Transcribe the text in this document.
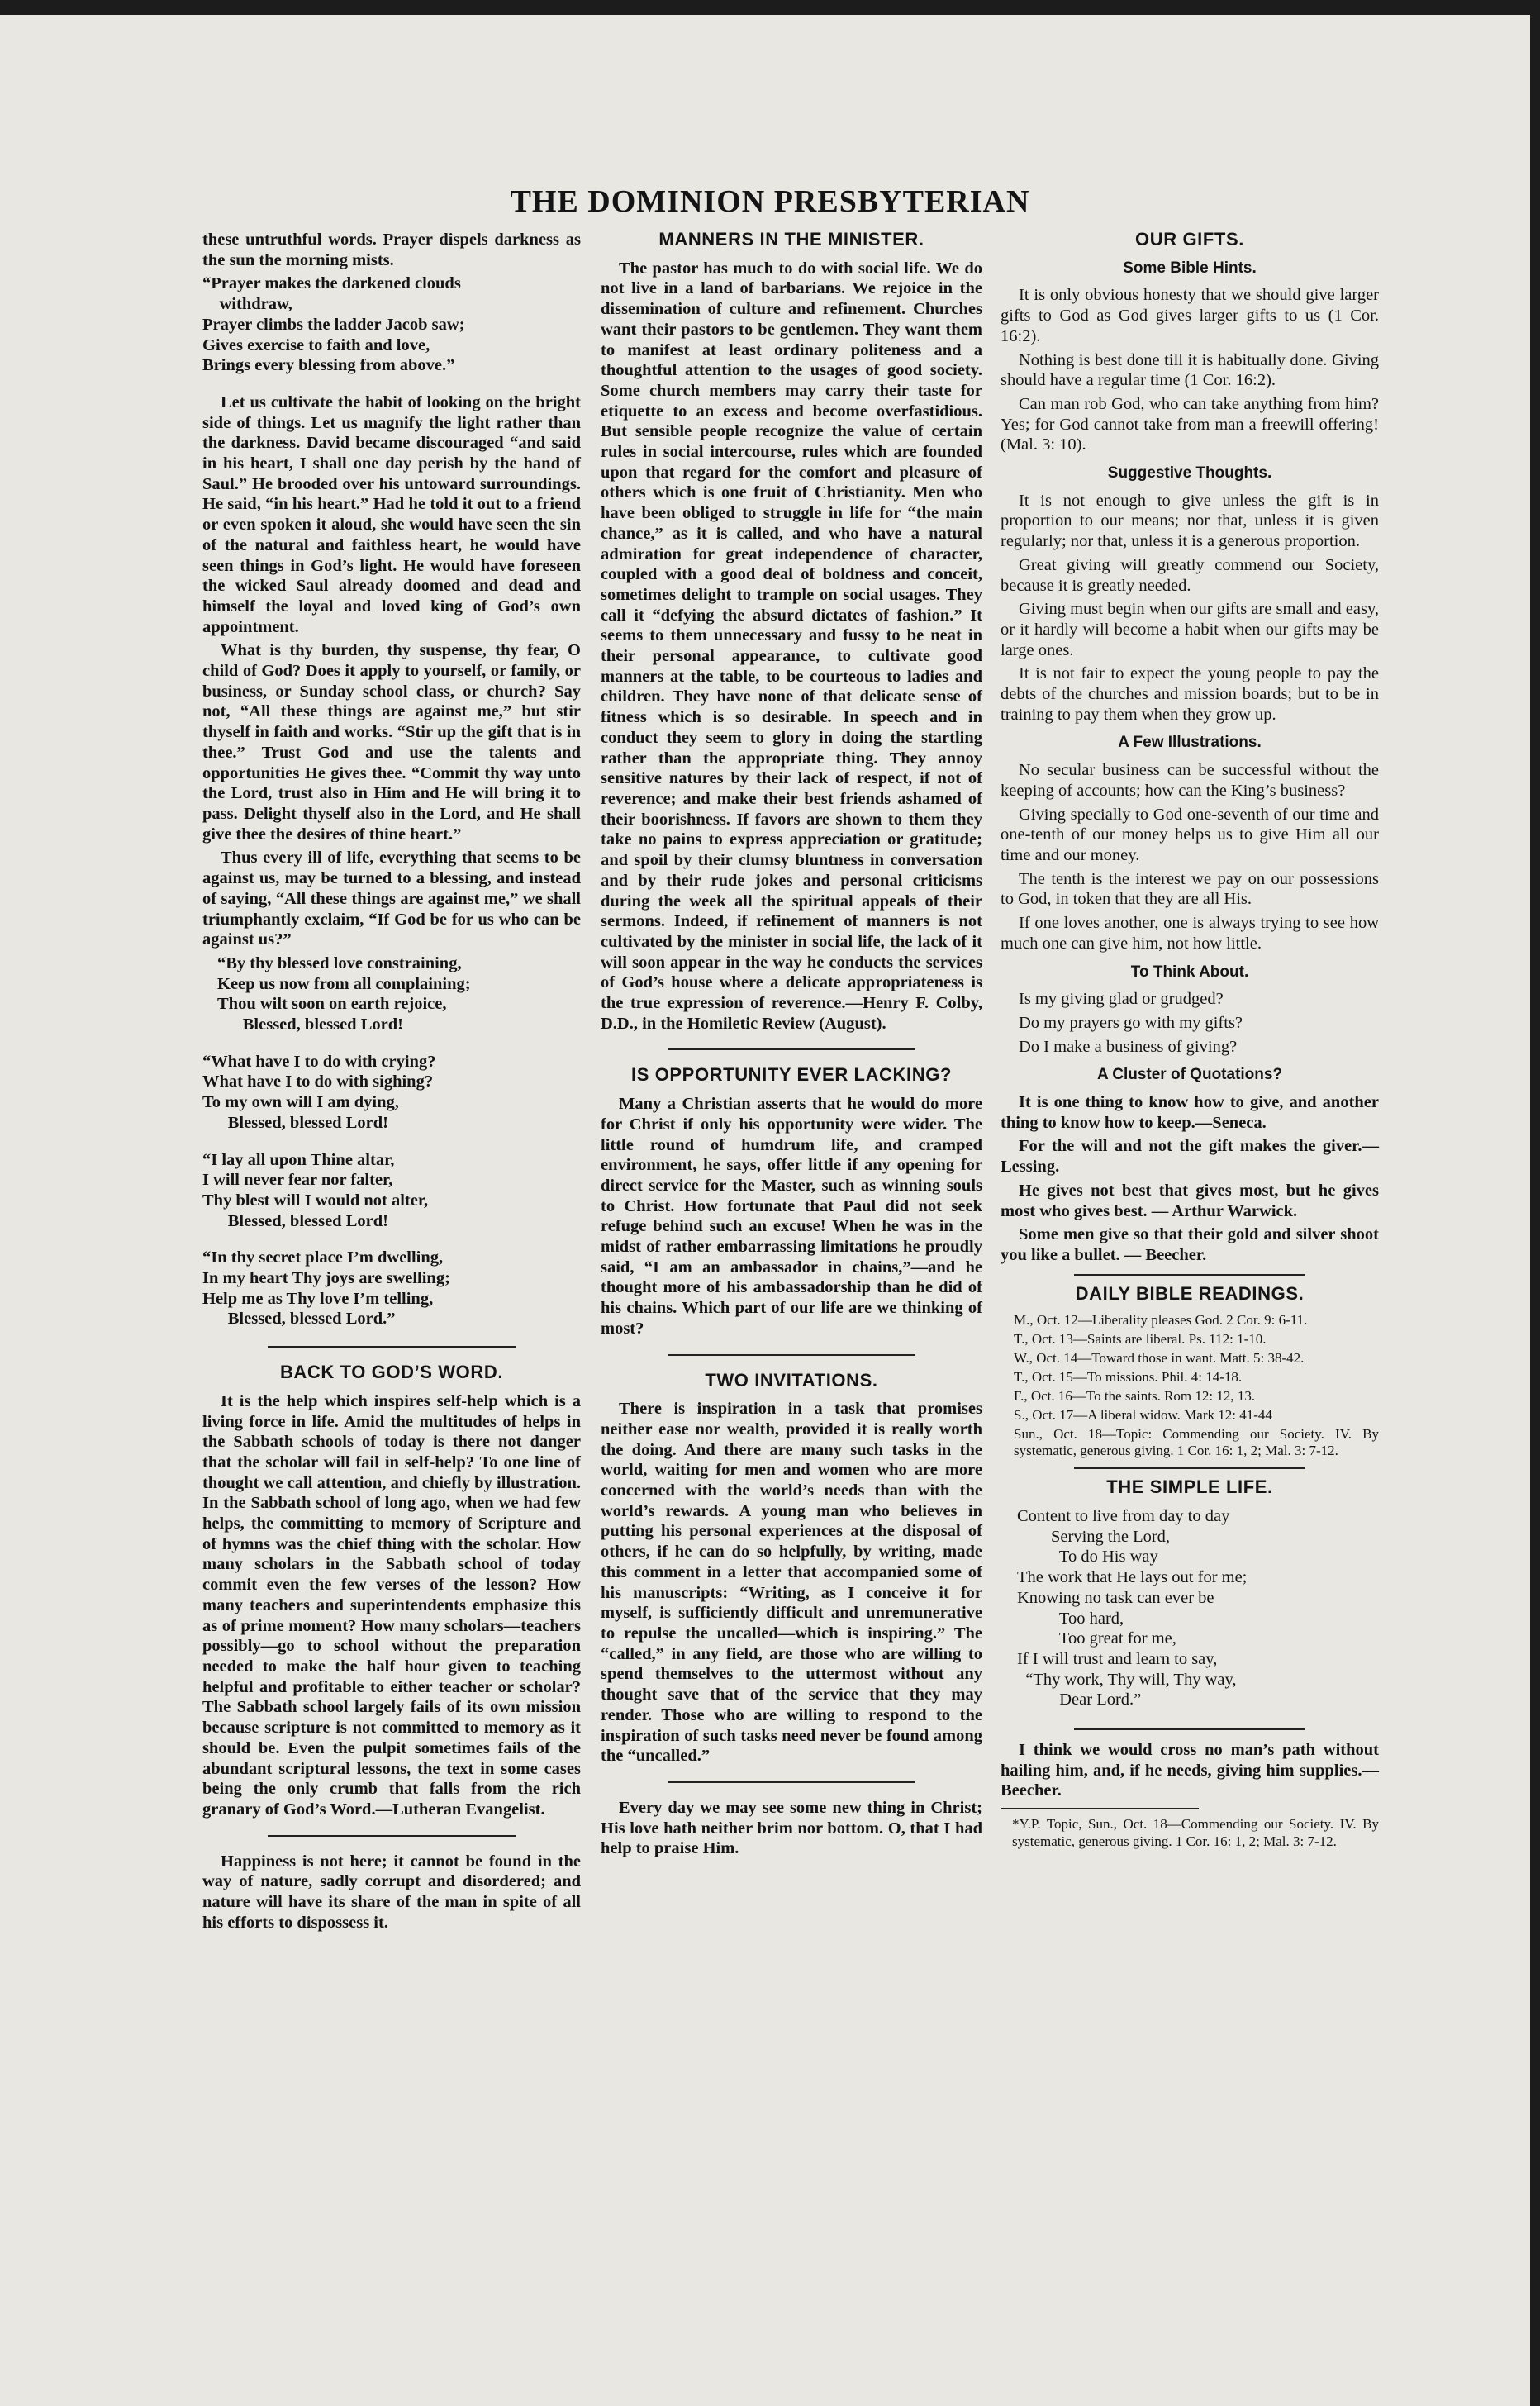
THE DOMINION PRESBYTERIAN

these untruthful words. Prayer dispels darkness as the sun the morning mists.

“Prayer makes the darkened clouds
withdraw,
Prayer climbs the ladder Jacob saw;
Gives exercise to faith and love,
Brings every blessing from above.”

Let us cultivate the habit of looking on the bright side of things. Let us magnify the light rather than the darkness. David became discouraged “and said in his heart, I shall one day perish by the hand of Saul.” He brooded over his untoward surroundings. He said, “in his heart.” Had he told it out to a friend or even spoken it aloud, she would have seen the sin of the natural and faithless heart, he would have seen things in God’s light. He would have foreseen the wicked Saul already doomed and dead and himself the loyal and loved king of God’s own appointment.

What is thy burden, thy suspense, thy fear, O child of God? Does it apply to yourself, or family, or business, or Sunday school class, or church? Say not, “All these things are against me,” but stir thyself in faith and works. “Stir up the gift that is in thee.” Trust God and use the talents and opportunities He gives thee. “Commit thy way unto the Lord, trust also in Him and He will bring it to pass. Delight thyself also in the Lord, and He shall give thee the desires of thine heart.”

Thus every ill of life, everything that seems to be against us, may be turned to a blessing, and instead of saying, “All these things are against me,” we shall triumphantly exclaim, “If God be for us who can be against us?”

“By thy blessed love constraining,
Keep us now from all complaining;
Thou wilt soon on earth rejoice,
Blessed, blessed Lord!
“What have I to do with crying?
What have I to do with sighing?
To my own will I am dying,
Blessed, blessed Lord!
“I lay all upon Thine altar,
I will never fear nor falter,
Thy blest will I would not alter,
Blessed, blessed Lord!
“In thy secret place I’m dwelling,
In my heart Thy joys are swelling;
Help me as Thy love I’m telling,
Blessed, blessed Lord.”
BACK TO GOD’S WORD.

It is the help which inspires self-help which is a living force in life. Amid the multitudes of helps in the Sabbath schools of today is there not danger that the scholar will fail in self-help? To one line of thought we call attention, and chiefly by illustration. In the Sabbath school of long ago, when we had few helps, the committing to memory of Scripture and of hymns was the chief thing with the scholar. How many scholars in the Sabbath school of today commit even the few verses of the lesson? How many teachers and superintendents emphasize this as of prime moment? How many scholars—teachers possibly—go to school without the preparation needed to make the half hour given to teaching helpful and profitable to either teacher or scholar? The Sabbath school largely fails of its own mission because scripture is not committed to memory as it should be. Even the pulpit sometimes fails of the abundant scriptural lessons, the text in some cases being the only crumb that falls from the rich granary of God’s Word.—Lutheran Evangelist.

Happiness is not here; it cannot be found in the way of nature, sadly corrupt and disordered; and nature will have its share of the man in spite of all his efforts to dispossess it.

MANNERS IN THE MINISTER.

The pastor has much to do with social life. We do not live in a land of barbarians. We rejoice in the dissemination of culture and refinement. Churches want their pastors to be gentlemen. They want them to manifest at least ordinary politeness and a thoughtful attention to the usages of good society. Some church members may carry their taste for etiquette to an excess and become overfastidious. But sensible people recognize the value of certain rules in social intercourse, rules which are founded upon that regard for the comfort and pleasure of others which is one fruit of Christianity. Men who have been obliged to struggle in life for “the main chance,” as it is called, and who have a natural admiration for great independence of character, coupled with a good deal of boldness and conceit, sometimes delight to trample on social usages. They call it “defying the absurd dictates of fashion.” It seems to them unnecessary and fussy to be neat in their personal appearance, to cultivate good manners at the table, to be courteous to ladies and children. They have none of that delicate sense of fitness which is so desirable. In speech and in conduct they seem to glory in doing the startling rather than the appropriate thing. They annoy sensitive natures by their lack of respect, if not of reverence; and make their best friends ashamed of their boorishness. If favors are shown to them they take no pains to express appreciation or gratitude; and spoil by their clumsy bluntness in conversation and by their rude jokes and personal criticisms during the week all the spiritual appeals of their sermons. Indeed, if refinement of manners is not cultivated by the minister in social life, the lack of it will soon appear in the way he conducts the services of God’s house where a delicate appropriateness is the true expression of reverence.—Henry F. Colby, D.D., in the Homiletic Review (August).

IS OPPORTUNITY EVER LACKING?

Many a Christian asserts that he would do more for Christ if only his opportunity were wider. The little round of humdrum life, and cramped environment, he says, offer little if any opening for direct service for the Master, such as winning souls to Christ. How fortunate that Paul did not seek refuge behind such an excuse! When he was in the midst of rather embarrassing limitations he proudly said, “I am an ambassador in chains,”—and he thought more of his ambassadorship than he did of his chains. Which part of our life are we thinking of most?

TWO INVITATIONS.

There is inspiration in a task that promises neither ease nor wealth, provided it is really worth the doing. And there are many such tasks in the world, waiting for men and women who are more concerned with the world’s needs than with the world’s rewards. A young man who believes in putting his personal experiences at the disposal of others, if he can do so helpfully, by writing, made this comment in a letter that accompanied some of his manuscripts: “Writing, as I conceive it for myself, is sufficiently difficult and unremunerative to repulse the uncalled—which is inspiring.” The “called,” in any field, are those who are willing to spend themselves to the uttermost without any thought save that of the service that they may render. Those who are willing to respond to the inspiration of such tasks need never be found among the “uncalled.”

Every day we may see some new thing in Christ; His love hath neither brim nor bottom. O, that I had help to praise Him.

OUR GIFTS.
Some Bible Hints.

It is only obvious honesty that we should give larger gifts to God as God gives larger gifts to us (1 Cor. 16:2).

Nothing is best done till it is habitually done. Giving should have a regular time (1 Cor. 16:2).

Can man rob God, who can take anything from him? Yes; for God cannot take from man a freewill offering! (Mal. 3: 10).

Suggestive Thoughts.

It is not enough to give unless the gift is in proportion to our means; nor that, unless it is given regularly; nor that, unless it is a generous proportion.

Great giving will greatly commend our Society, because it is greatly needed.

Giving must begin when our gifts are small and easy, or it hardly will become a habit when our gifts may be large ones.

It is not fair to expect the young people to pay the debts of the churches and mission boards; but to be in training to pay them when they grow up.

A Few Illustrations.

No secular business can be successful without the keeping of accounts; how can the King’s business?

Giving specially to God one-seventh of our time and one-tenth of our money helps us to give Him all our time and our money.

The tenth is the interest we pay on our possessions to God, in token that they are all His.

If one loves another, one is always trying to see how much one can give him, not how little.

To Think About.

Is my giving glad or grudged?

Do my prayers go with my gifts?

Do I make a business of giving?

A Cluster of Quotations?

It is one thing to know how to give, and another thing to know how to keep.—Seneca.

For the will and not the gift makes the giver.—Lessing.

He gives not best that gives most, but he gives most who gives best. — Arthur Warwick.

Some men give so that their gold and silver shoot you like a bullet. — Beecher.

DAILY BIBLE READINGS.

M., Oct. 12—Liberality pleases God. 2 Cor. 9: 6-11.

T., Oct. 13—Saints are liberal. Ps. 112: 1-10.

W., Oct. 14—Toward those in want. Matt. 5: 38-42.

T., Oct. 15—To missions. Phil. 4: 14-18.

F., Oct. 16—To the saints. Rom 12: 12, 13.

S., Oct. 17—A liberal widow. Mark 12: 41-44

Sun., Oct. 18—Topic: Commending our Society. IV. By systematic, generous giving. 1 Cor. 16: 1, 2; Mal. 3: 7-12.

THE SIMPLE LIFE.
Content to live from day to day
Serving the Lord,
To do His way
The work that He lays out for me;
Knowing no task can ever be
Too hard,
Too great for me,
If I will trust and learn to say,
“Thy work, Thy will, Thy way,
Dear Lord.”

I think we would cross no man’s path without hailing him, and, if he needs, giving him supplies.—Beecher.

*Y.P. Topic, Sun., Oct. 18—Commending our Society. IV. By systematic, generous giving. 1 Cor. 16: 1, 2; Mal. 3: 7-12.
